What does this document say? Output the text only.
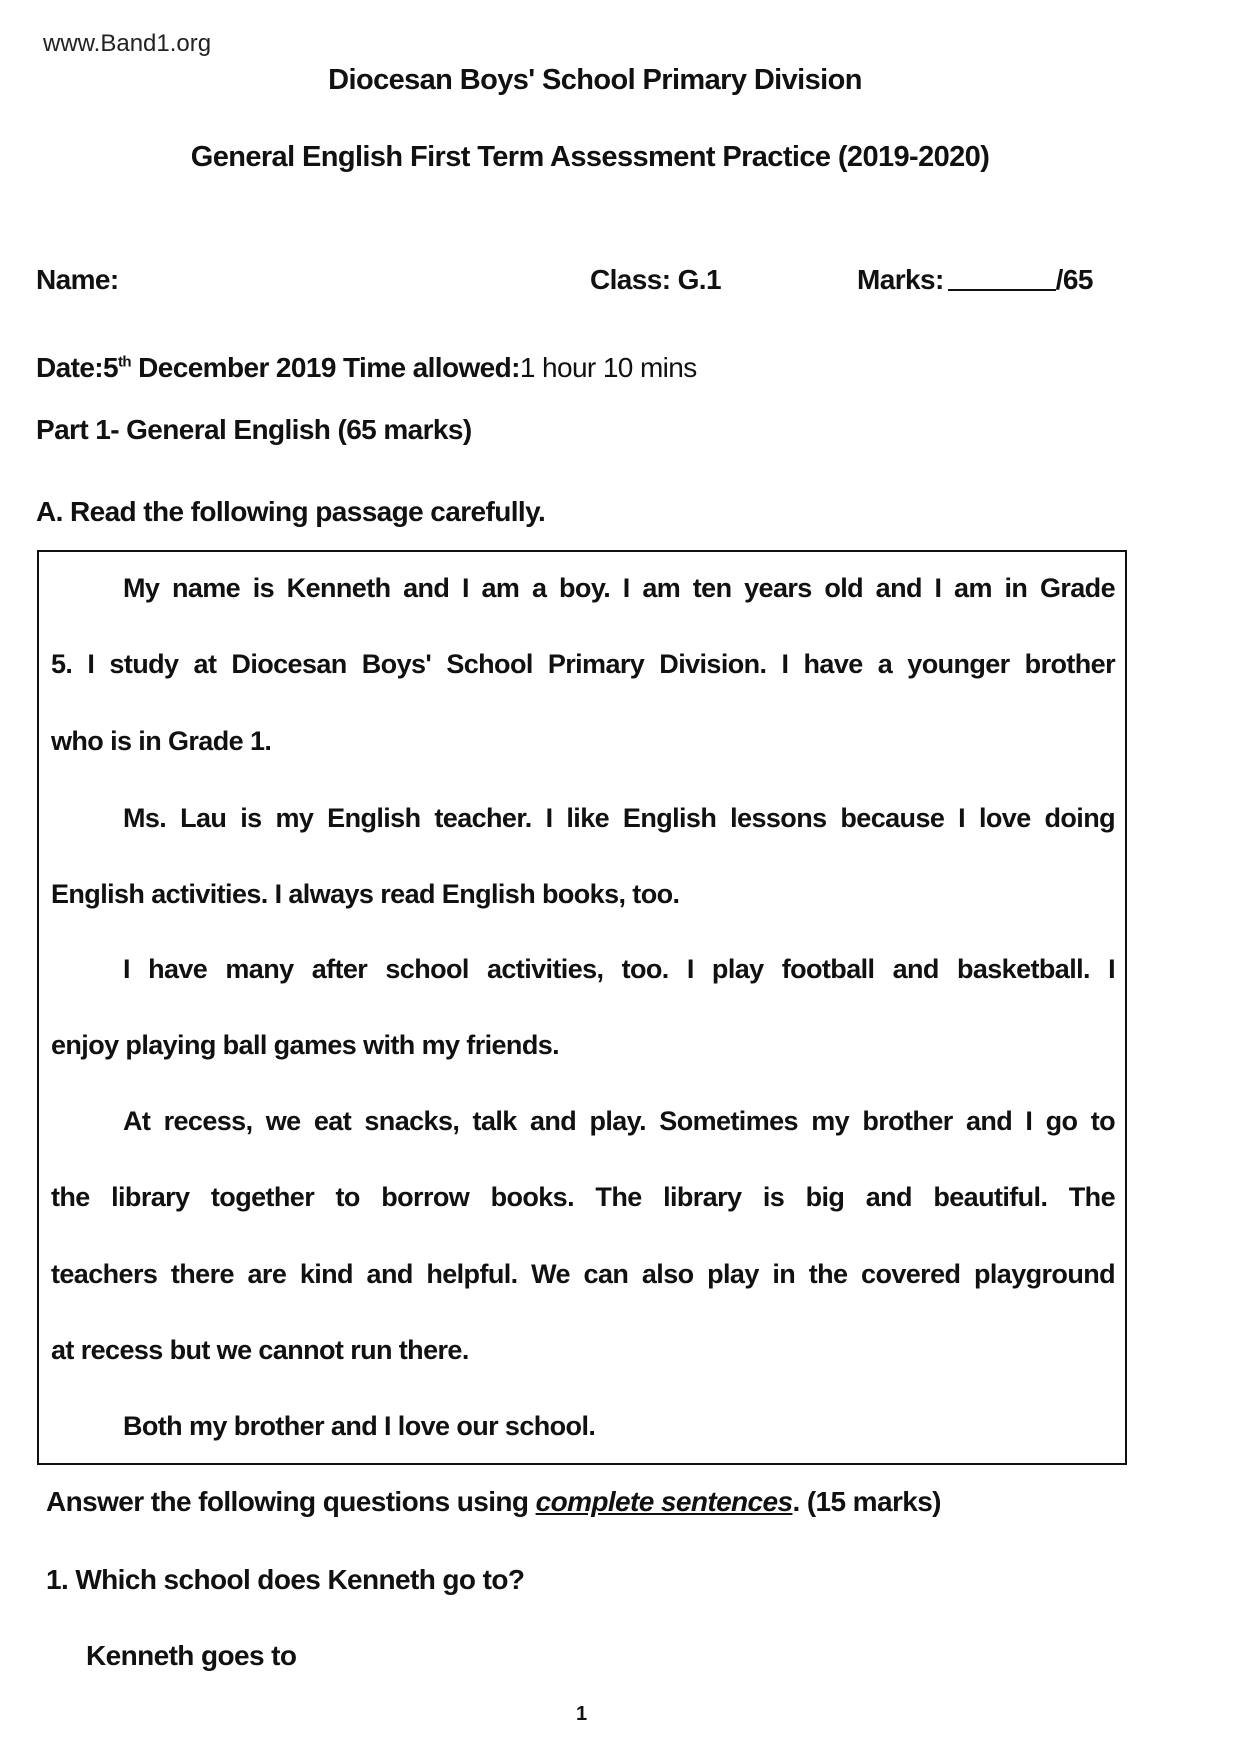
www.Band1.org
Diocesan Boys' School Primary Division
General English First Term Assessment Practice (2019-2020)
Name:	Class: G.1	Marks:	/65
Date:5th December 2019 Time allowed:1 hour 10 mins
Part 1- General English (65 marks)
A. Read the following passage carefully.
My name is Kenneth and I am a boy. I am ten years old and I am in Grade
5. I study at Diocesan Boys' School Primary Division. I have a younger brother
who is in Grade 1.
Ms. Lau is my English teacher. I like English lessons because I love doing
English activities. I always read English books, too.
I have many after school activities, too. I play football and basketball. I
enjoy playing ball games with my friends.
At recess, we eat snacks, talk and play. Sometimes my brother and I go to
the library together to borrow books. The library is big and beautiful. The
teachers there are kind and helpful. We can also play in the covered playground
at recess but we cannot run there.
Both my brother and I love our school.
Answer the following questions using complete sentences. (15 marks)
1. Which school does Kenneth go to?
Kenneth goes to
1
